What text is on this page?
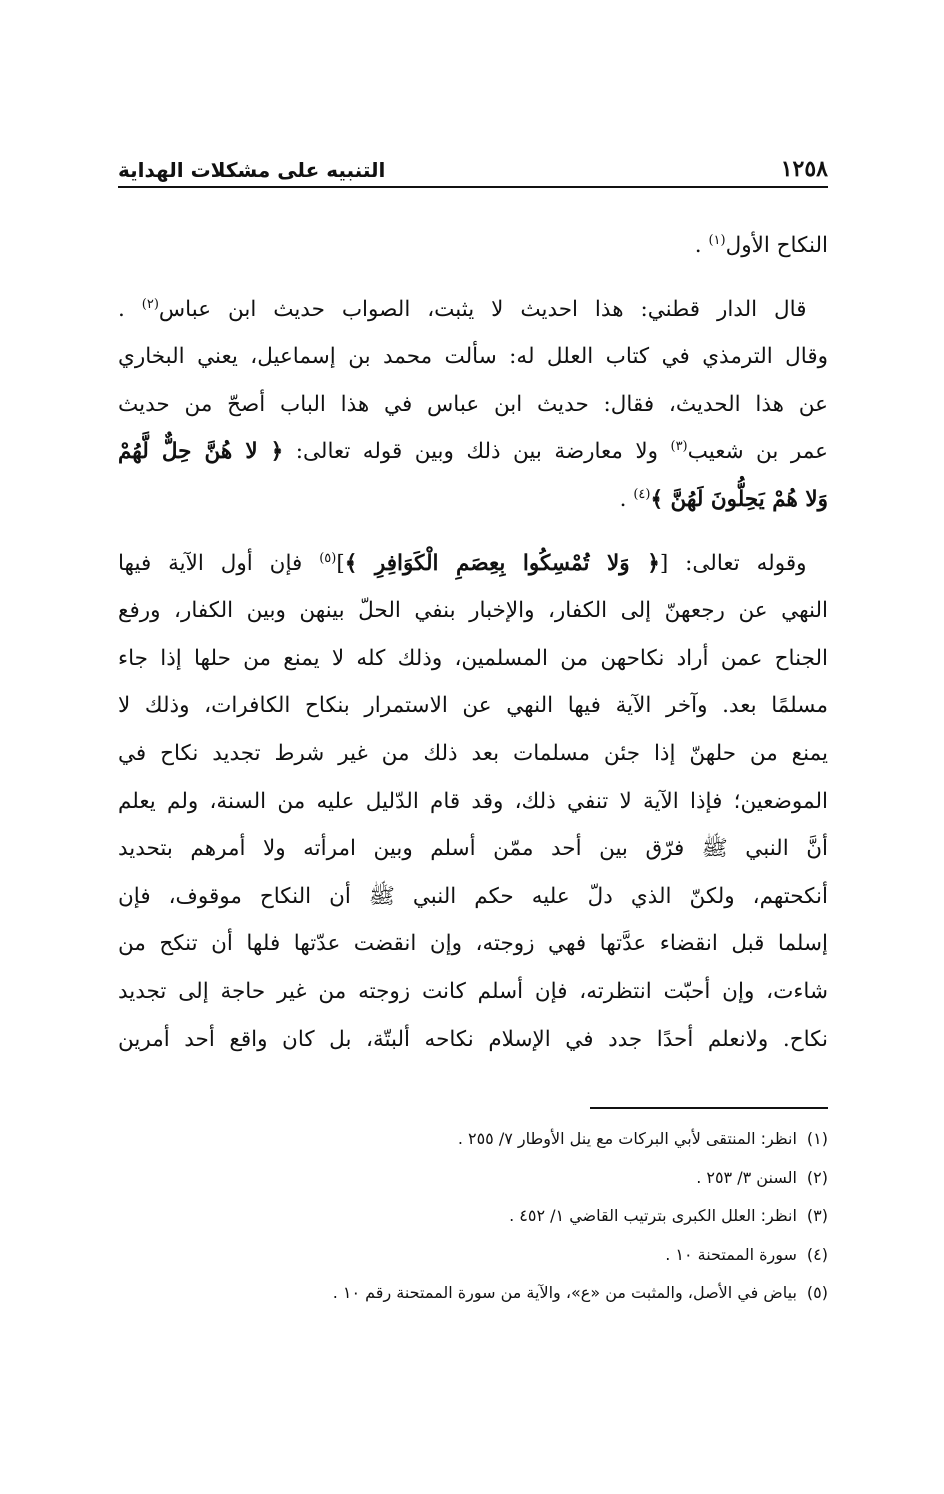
١٢٥٨
التنبيه على مشكلات الهداية

النكاح الأول$^{(١)}$ .

 قال الدار قطني: هذا احديث لا يثبت، الصواب حديث ابن عباس$^{(٢)}$ .
وقال الترمذي في كتاب العلل له: سألت محمد بن إسماعيل، يعني البخاري
عن هذا الحديث، فقال: حديث ابن عباس في هذا الباب أصحّ من حديث
عمر بن شعيب$^{(٣)}$ ولا معارضة بين ذلك وبين قوله تعالى: ﴿ لا هُنَّ حِلٌّ لَّهُمْ
وَلا هُمْ يَحِلُّونَ لَهُنَّ ﴾$^{(٤)}$ .

 وقوله تعالى: [﴿ وَلا تُمْسِكُوا بِعِصَمِ الْكَوَافِرِ ﴾]$^{(٥)}$ فإن أول الآية فيها
النهي عن رجعهنّ إلى الكفار، والإخبار بنفي الحلّ بينهن وبين الكفار، ورفع
الجناح عمن أراد نكاحهن من المسلمين، وذلك كله لا يمنع من حلها إذا جاء
مسلمًا بعد. وآخر الآية فيها النهي عن الاستمرار بنكاح الكافرات، وذلك لا
يمنع من حلهنّ إذا جئن مسلمات بعد ذلك من غير شرط تجديد نكاح في
الموضعين؛ فإذا الآية لا تنفي ذلك، وقد قام الدّليل عليه من السنة، ولم يعلم
أنَّ النبي ﷺ فرّق بين أحد ممّن أسلم وبين امرأته ولا أمرهم بتحديد
أنكحتهم، ولكنّ الذي دلّ عليه حكم النبي ﷺ أن النكاح موقوف، فإن
إسلما قبل انقضاء عدَّتها فهي زوجته، وإن انقضت عدّتها فلها أن تنكح من
شاءت، وإن أحبّت انتظرته، فإن أسلم كانت زوجته من غير حاجة إلى تجديد
نكاح. ولانعلم أحدًا جدد في الإسلام نكاحه ألبتّة، بل كان واقع أحد أمرين

(١)انظر: المنتقى لأبي البركات مع ينل الأوطار ٧/ ٢٥٥ .
(٢)السنن ٣/ ٢٥٣ .
(٣)انظر: العلل الكبرى بترتيب القاضي ١/ ٤٥٢ .
(٤)سورة الممتحنة ١٠ .
(٥)بياض في الأصل، والمثبت من «ع»، والآية من سورة الممتحنة رقم ١٠ .
